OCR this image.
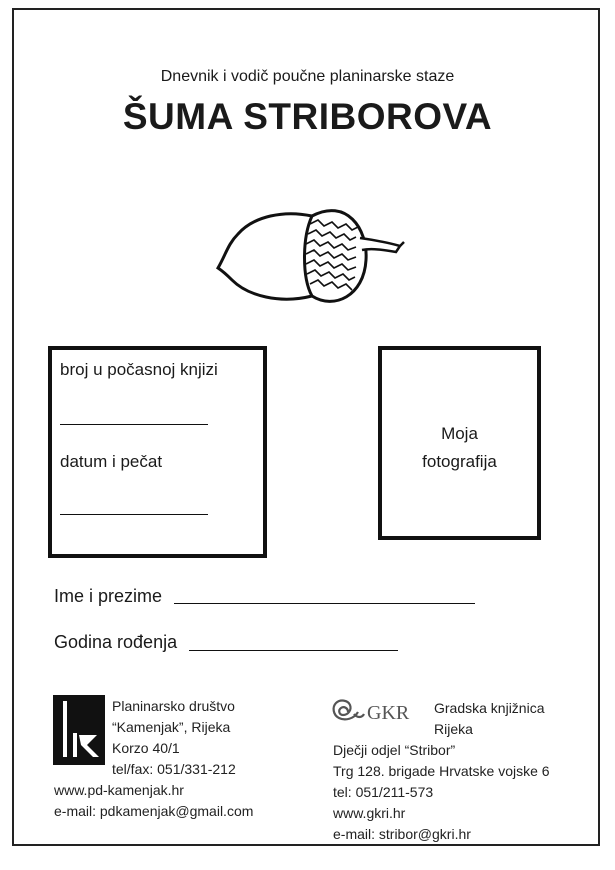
Dnevnik i vodič poučne planinarske staze
ŠUMA STRIBOROVA
broj u počasnoj knjizi
datum i pečat
Moja
fotografija
Ime i prezime
Godina rođenja
Planinarsko društvo
“Kamenjak”, Rijeka
Korzo 40/1
tel/fax: 051/331-212
www.pd-kamenjak.hr
e-mail: pdkamenjak@gmail.com
GKR Gradska knjižnica
Rijeka
Dječji odjel “Stribor”
Trg 128. brigade Hrvatske vojske 6
tel: 051/211-573
www.gkri.hr
e-mail: stribor@gkri.hr
